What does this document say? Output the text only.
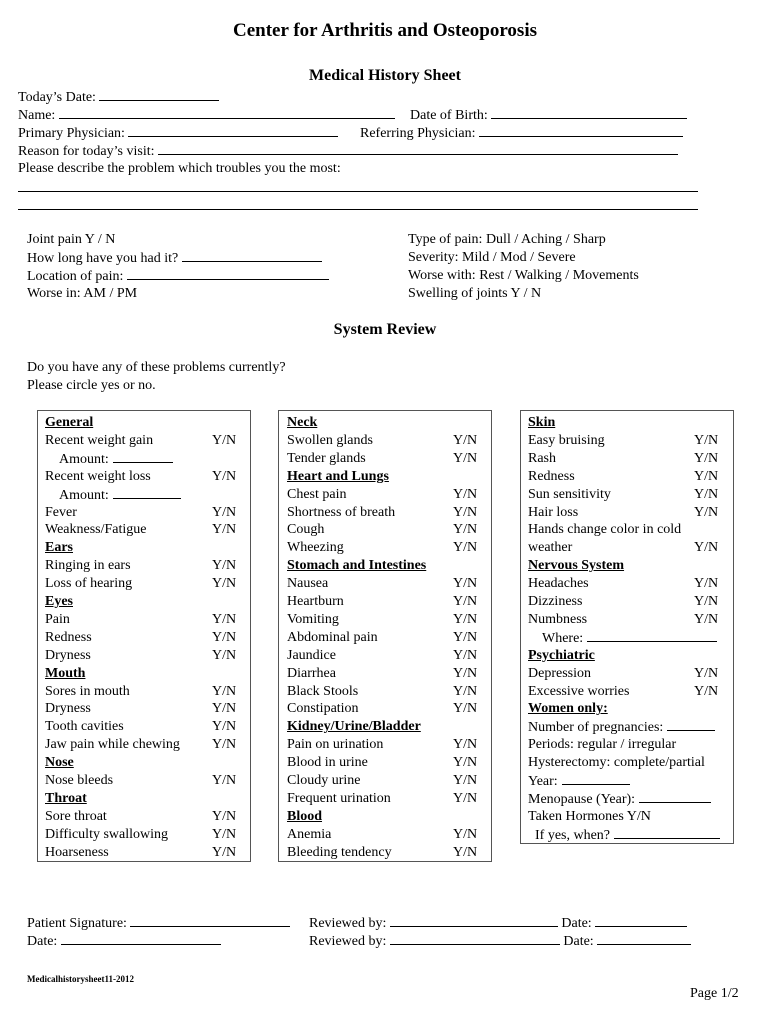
Center for Arthritis and Osteoporosis
Medical History Sheet
Today’s Date:
Name:	Date of Birth:
Primary Physician:	Referring Physician:
Reason for today’s visit:
Please describe the problem which troubles you the most:
Joint pain Y / N
How long have you had it?
Location of pain:
Worse in: AM / PM
Type of pain: Dull / Aching / Sharp
Severity: Mild / Mod / Severe
Worse with: Rest / Walking / Movements
Swelling of joints Y / N
System Review
Do you have any of these problems currently?
Please circle yes or no.
General
Recent weight gain	Y/N
Amount:
Recent weight loss	Y/N
Amount:
Fever	Y/N
Weakness/Fatigue	Y/N
Ears
Ringing in ears	Y/N
Loss of hearing	Y/N
Eyes
Pain	Y/N
Redness	Y/N
Dryness	Y/N
Mouth
Sores in mouth	Y/N
Dryness	Y/N
Tooth cavities	Y/N
Jaw pain while chewing Y/N
Nose
Nose bleeds	Y/N
Throat
Sore throat	Y/N
Difficulty swallowing	Y/N
Hoarseness	Y/N
Neck
Swollen glands	Y/N
Tender glands	Y/N
Heart and Lungs
Chest pain	Y/N
Shortness of breath	Y/N
Cough	Y/N
Wheezing	Y/N
Stomach and Intestines
Nausea	Y/N
Heartburn	Y/N
Vomiting	Y/N
Abdominal pain	Y/N
Jaundice	Y/N
Diarrhea	Y/N
Black Stools	Y/N
Constipation	Y/N
Kidney/Urine/Bladder
Pain on urination	Y/N
Blood in urine	Y/N
Cloudy urine	Y/N
Frequent urination	Y/N
Blood
Anemia	Y/N
Bleeding tendency	Y/N
Skin
Easy bruising	Y/N
Rash	Y/N
Redness	Y/N
Sun sensitivity	Y/N
Hair loss	Y/N
Hands change color in cold
weather	Y/N
Nervous System
Headaches	Y/N
Dizziness	Y/N
Numbness	Y/N
Where:
Psychiatric
Depression	Y/N
Excessive worries	Y/N
Women only:
Number of pregnancies:
Periods: regular / irregular
Hysterectomy: complete/partial
Year:
Menopause (Year):
Taken Hormones Y/N
If yes, when?
Patient Signature:
Date:
Reviewed by:	Date:
Reviewed by:	Date:
Medicalhistorysheet11-2012
Page 1/2
